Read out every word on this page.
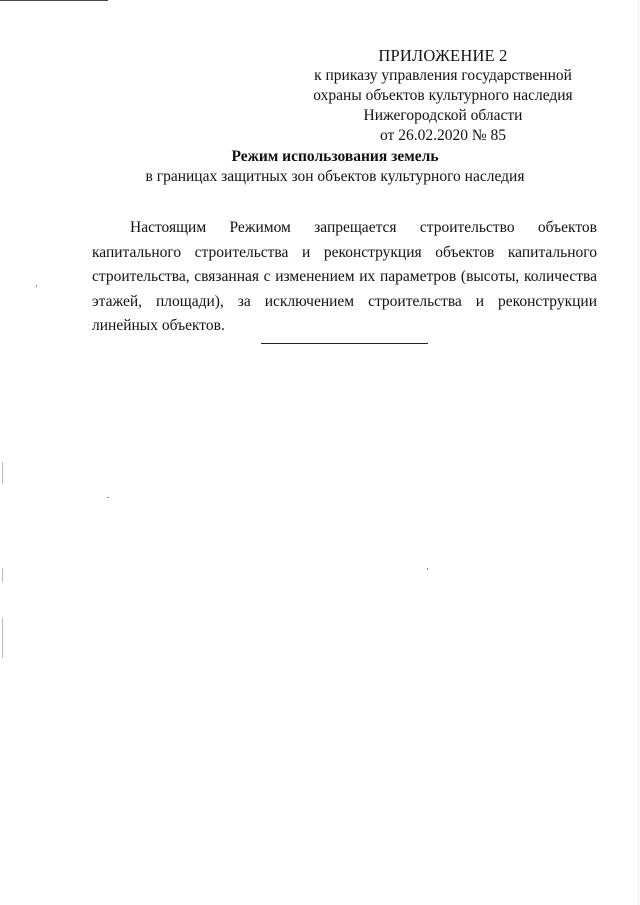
ПРИЛОЖЕНИЕ 2
к приказу управления государственной
охраны объектов культурного наследия
Нижегородской области
от 26.02.2020 № 85
Режим использования земель
в границах защитных зон объектов культурного наследия
Настоящим Режимом запрещается строительство объектов капитального строительства и реконструкция объектов капитального строительства, связанная с изменением их параметров (высоты, количества этажей, площади), за исключением строительства и реконструкции линейных объектов.
